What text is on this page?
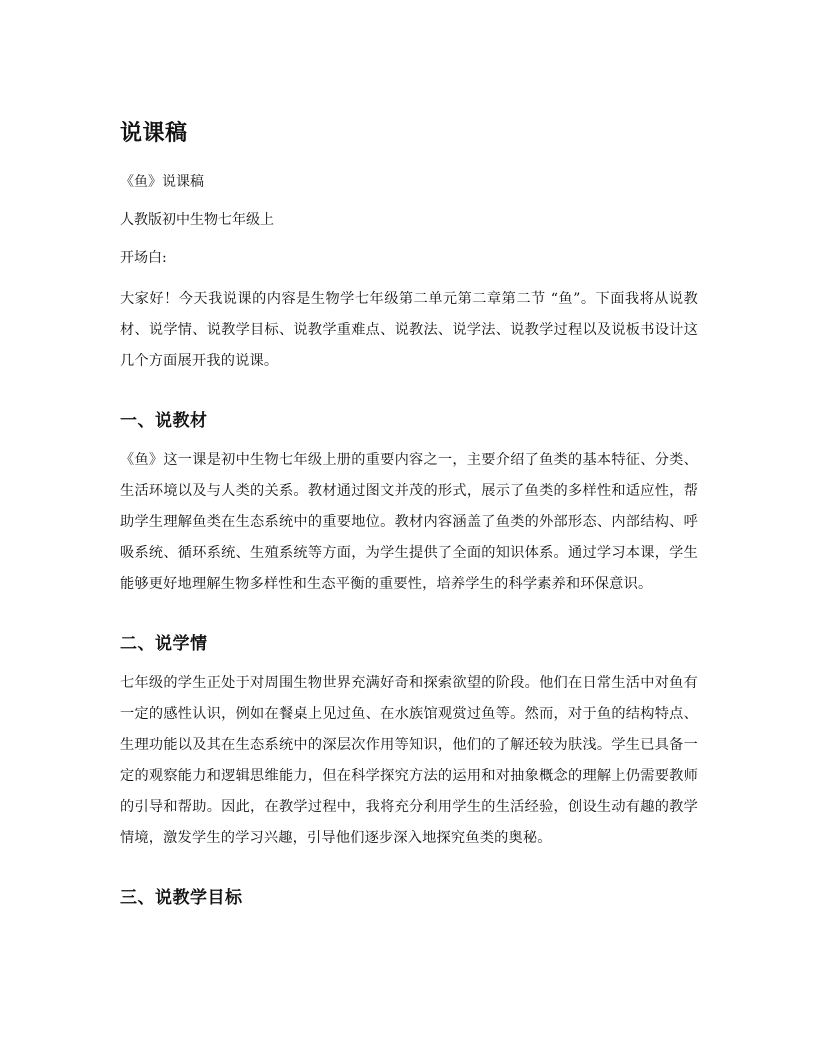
说课稿

《鱼》说课稿

人教版初中生物七年级上

开场白:

大家好！今天我说课的内容是生物学七年级第二单元第二章第二节 “鱼”。下面我将从说教材、说学情、说教学目标、说教学重难点、说教法、说学法、说教学过程以及说板书设计这几个方面展开我的说课。

一、说教材

《鱼》这一课是初中生物七年级上册的重要内容之一，主要介绍了鱼类的基本特征、分类、生活环境以及与人类的关系。教材通过图文并茂的形式，展示了鱼类的多样性和适应性，帮助学生理解鱼类在生态系统中的重要地位。教材内容涵盖了鱼类的外部形态、内部结构、呼吸系统、循环系统、生殖系统等方面，为学生提供了全面的知识体系。通过学习本课，学生能够更好地理解生物多样性和生态平衡的重要性，培养学生的科学素养和环保意识。

二、说学情

七年级的学生正处于对周围生物世界充满好奇和探索欲望的阶段。他们在日常生活中对鱼有一定的感性认识，例如在餐桌上见过鱼、在水族馆观赏过鱼等。然而，对于鱼的结构特点、生理功能以及其在生态系统中的深层次作用等知识，他们的了解还较为肤浅。学生已具备一定的观察能力和逻辑思维能力，但在科学探究方法的运用和对抽象概念的理解上仍需要教师的引导和帮助。因此，在教学过程中，我将充分利用学生的生活经验，创设生动有趣的教学情境，激发学生的学习兴趣，引导他们逐步深入地探究鱼类的奥秘。

三、说教学目标
